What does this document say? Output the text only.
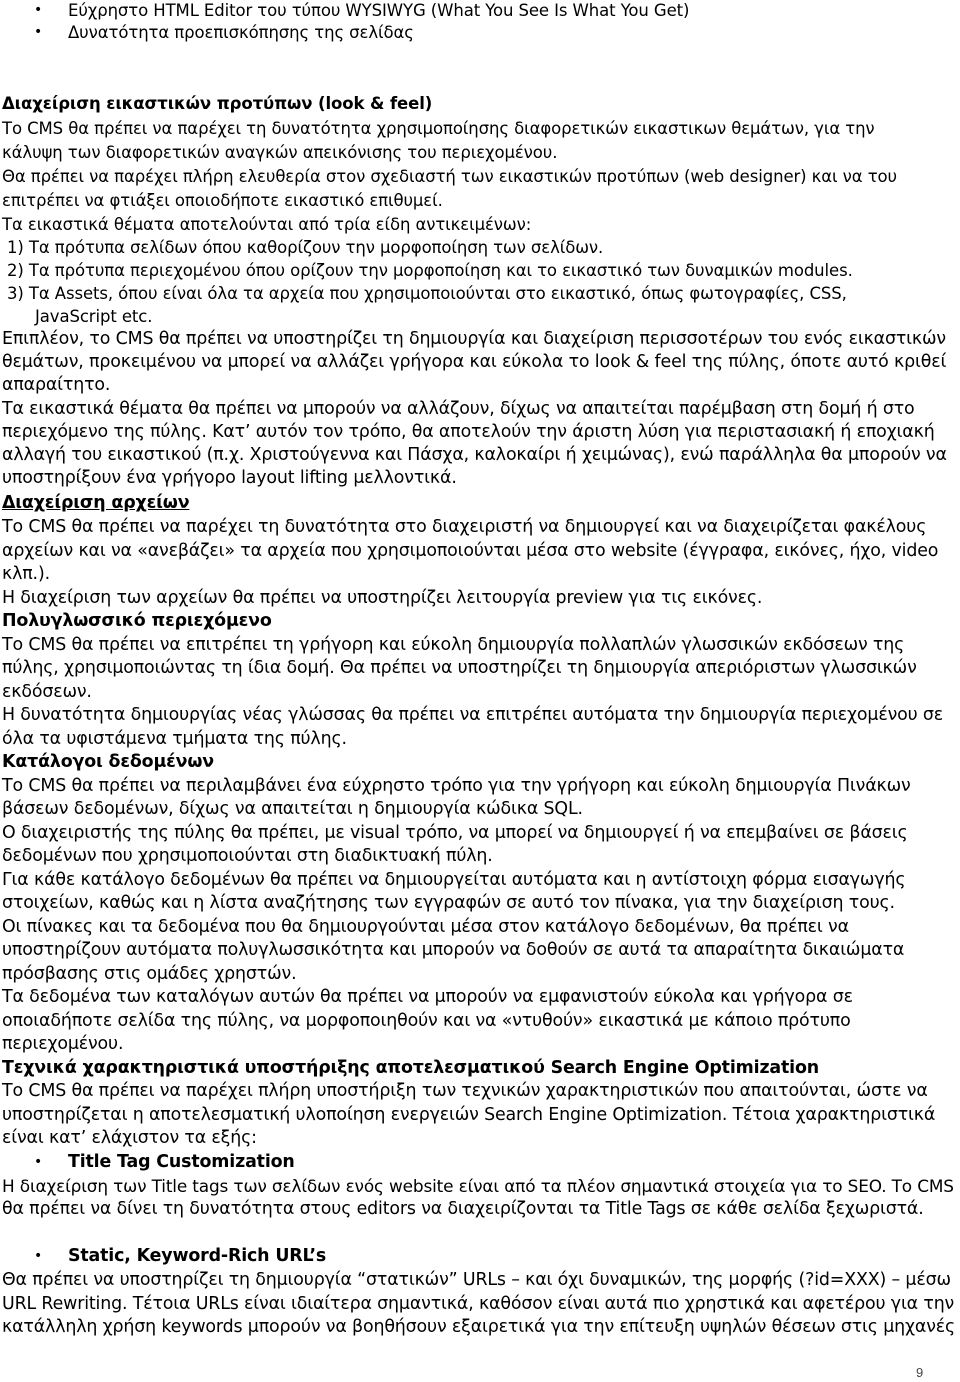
• Εύχρηστο HTML Editor του τύπου WYSIWYG (What You See Is What You Get)
• Δυνατότητα προεπισκόπησης της σελίδας
Διαχείριση εικαστικών προτύπων (look & feel)
Το CMS θα πρέπει να παρέχει τη δυνατότητα χρησιμοποίησης διαφορετικών εικαστικων θεμάτων, για την
κάλυψη των διαφορετικών αναγκών απεικόνισης του περιεχομένου.
Θα πρέπει να παρέχει πλήρη ελευθερία στον σχεδιαστή των εικαστικών προτύπων (web designer) και να του
επιτρέπει να φτιάξει οποιοδήποτε εικαστικό επιθυμεί.
Τα εικαστικά θέματα αποτελούνται από τρία είδη αντικειμένων:
1) Τα πρότυπα σελίδων όπου καθορίζουν την μορφοποίηση των σελίδων.
2) Τα πρότυπα περιεχομένου όπου ορίζουν την μορφοποίηση και το εικαστικό των δυναμικών modules.
3) Τα Assets, όπου είναι όλα τα αρχεία που χρησιμοποιούνται στο εικαστικό, όπως φωτογραφίες, CSS,
JavaScript etc.
Επιπλέον, το CMS θα πρέπει να υποστηρίζει τη δημιουργία και διαχείριση περισσοτέρων του ενός εικαστικών
θεμάτων, προκειμένου να μπορεί να αλλάζει γρήγορα και εύκολα το look & feel της πύλης, όποτε αυτό κριθεί
απαραίτητο.
Τα εικαστικά θέματα θα πρέπει να μπορούν να αλλάζουν, δίχως να απαιτείται παρέμβαση στη δομή ή στο
περιεχόμενο της πύλης. Κατ’ αυτόν τον τρόπο, θα αποτελούν την άριστη λύση για περιστασιακή ή εποχιακή
αλλαγή του εικαστικού (π.χ. Χριστούγεννα και Πάσχα, καλοκαίρι ή χειμώνας), ενώ παράλληλα θα μπορούν να
υποστηρίξουν ένα γρήγορο layout lifting μελλοντικά.
Διαχείριση αρχείων
Το CMS θα πρέπει να παρέχει τη δυνατότητα στο διαχειριστή να δημιουργεί και να διαχειρίζεται φακέλους
αρχείων και να «ανεβάζει» τα αρχεία που χρησιμοποιούνται μέσα στο website (έγγραφα, εικόνες, ήχο, video
κλπ.).
Η διαχείριση των αρχείων θα πρέπει να υποστηρίζει λειτουργία preview για τις εικόνες.
Πολυγλωσσικό περιεχόμενο
Το CMS θα πρέπει να επιτρέπει τη γρήγορη και εύκολη δημιουργία πολλαπλών γλωσσικών εκδόσεων της
πύλης, χρησιμοποιώντας τη ίδια δομή. Θα πρέπει να υποστηρίζει τη δημιουργία απεριόριστων γλωσσικών
εκδόσεων.
Η δυνατότητα δημιουργίας νέας γλώσσας θα πρέπει να επιτρέπει αυτόματα την δημιουργία περιεχομένου σε
όλα τα υφιστάμενα τμήματα της πύλης.
Κατάλογοι δεδομένων
Το CMS θα πρέπει να περιλαμβάνει ένα εύχρηστο τρόπο για την γρήγορη και εύκολη δημιουργία Πινάκων
βάσεων δεδομένων, δίχως να απαιτείται η δημιουργία κώδικα SQL.
Ο διαχειριστής της πύλης θα πρέπει, με visual τρόπο, να μπορεί να δημιουργεί ή να επεμβαίνει σε βάσεις
δεδομένων που χρησιμοποιούνται στη διαδικτυακή πύλη.
Για κάθε κατάλογο δεδομένων θα πρέπει να δημιουργείται αυτόματα και η αντίστοιχη φόρμα εισαγωγής
στοιχείων, καθώς και η λίστα αναζήτησης των εγγραφών σε αυτό τον πίνακα, για την διαχείριση τους.
Οι πίνακες και τα δεδομένα που θα δημιουργούνται μέσα στον κατάλογο δεδομένων, θα πρέπει να
υποστηρίζουν αυτόματα πολυγλωσσικότητα και μπορούν να δοθούν σε αυτά τα απαραίτητα δικαιώματα
πρόσβασης στις ομάδες χρηστών.
Τα δεδομένα των καταλόγων αυτών θα πρέπει να μπορούν να εμφανιστούν εύκολα και γρήγορα σε
οποιαδήποτε σελίδα της πύλης, να μορφοποιηθούν και να «ντυθούν» εικαστικά με κάποιο πρότυπο
περιεχομένου.
Τεχνικά χαρακτηριστικά υποστήριξης αποτελεσματικού Search Engine Optimization
Το CMS θα πρέπει να παρέχει πλήρη υποστήριξη των τεχνικών χαρακτηριστικών που απαιτούνται, ώστε να
υποστηρίζεται η αποτελεσματική υλοποίηση ενεργειών Search Engine Optimization. Τέτοια χαρακτηριστικά
είναι κατ’ ελάχιστον τα εξής:
• Title Tag Customization
Η διαχείριση των Title tags των σελίδων ενός website είναι από τα πλέον σημαντικά στοιχεία για το SEO. Το CMS
θα πρέπει να δίνει τη δυνατότητα στους editors να διαχειρίζονται τα Title Tags σε κάθε σελίδα ξεχωριστά.
• Static, Keyword-Rich URL’s
Θα πρέπει να υποστηρίζει τη δημιουργία “στατικών” URLs – και όχι δυναμικών, της μορφής (?id=XXX) – μέσω
URL Rewriting. Τέτοια URLs είναι ιδιαίτερα σημαντικά, καθόσον είναι αυτά πιο χρηστικά και αφετέρου για την
κατάλληλη χρήση keywords μπορούν να βοηθήσουν εξαιρετικά για την επίτευξη υψηλών θέσεων στις μηχανές
9
